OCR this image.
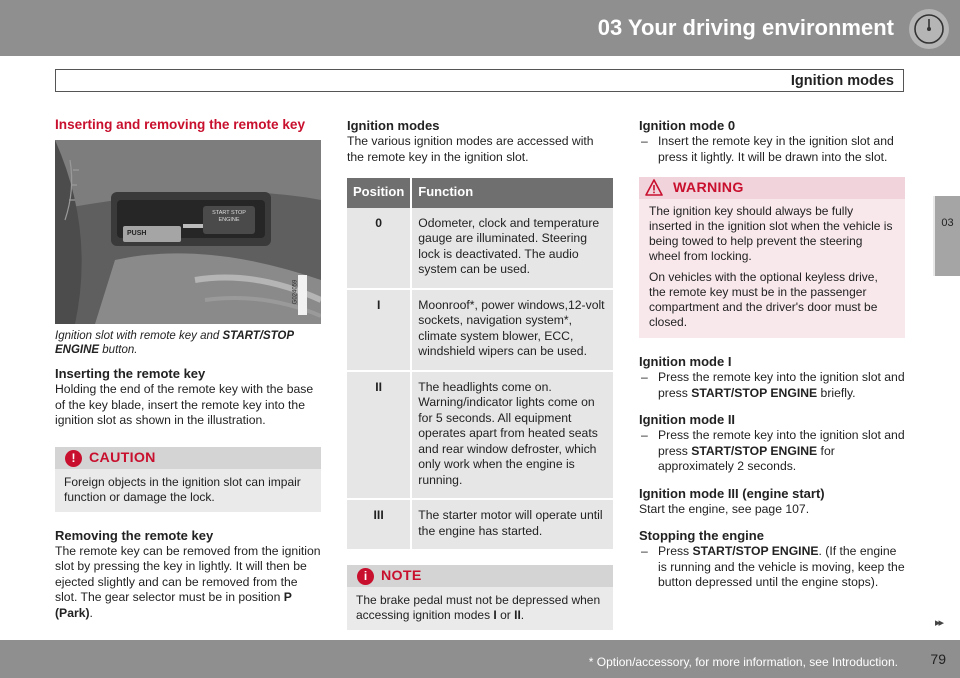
03 Your driving environment
Ignition modes
03
Inserting and removing the remote key
PUSH
START STOP ENGINE
G024059
Ignition slot with remote key and START/STOP ENGINE button.
Inserting the remote key

Holding the end of the remote key with the base of the key blade, insert the remote key into the ignition slot as shown in the illustration.

! CAUTION
Foreign objects in the ignition slot can impair function or damage the lock.
Removing the remote key

The remote key can be removed from the ignition slot by pressing the key in lightly. It will then be ejected slightly and can be removed from the slot. The gear selector must be in position P (Park).

Ignition modes

The various ignition modes are accessed with the remote key in the ignition slot.

Position	Function
0	Odometer, clock and temperature gauge are illuminated. Steering lock is deactivated. The audio system can be used.
I	Moonroof*, power windows,12-volt sockets, navigation system*, climate system blower, ECC, windshield wipers can be used.
II	The headlights come on. Warning/indicator lights come on for 5 seconds. All equipment operates apart from heated seats and rear window defroster, which only work when the engine is running.
III	The starter motor will operate until the engine has started.
i NOTE
The brake pedal must not be depressed when accessing ignition modes I or II.
Ignition mode 0

– Insert the remote key in the ignition slot and press it lightly. It will be drawn into the slot.

WARNING

The ignition key should always be fully inserted in the ignition slot when the vehicle is being towed to help prevent the steering wheel from locking.

On vehicles with the optional keyless drive, the remote key must be in the passenger compartment and the driver's door must be closed.

Ignition mode I

– Press the remote key into the ignition slot and press START/STOP ENGINE briefly.

Ignition mode II

– Press the remote key into the ignition slot and press START/STOP ENGINE for approximately 2 seconds.

Ignition mode III (engine start)

Start the engine, see page 107.

Stopping the engine

– Press START/STOP ENGINE. (If the engine is running and the vehicle is moving, keep the button depressed until the engine stops).

▸▸
* Option/accessory, for more information, see Introduction. 79
